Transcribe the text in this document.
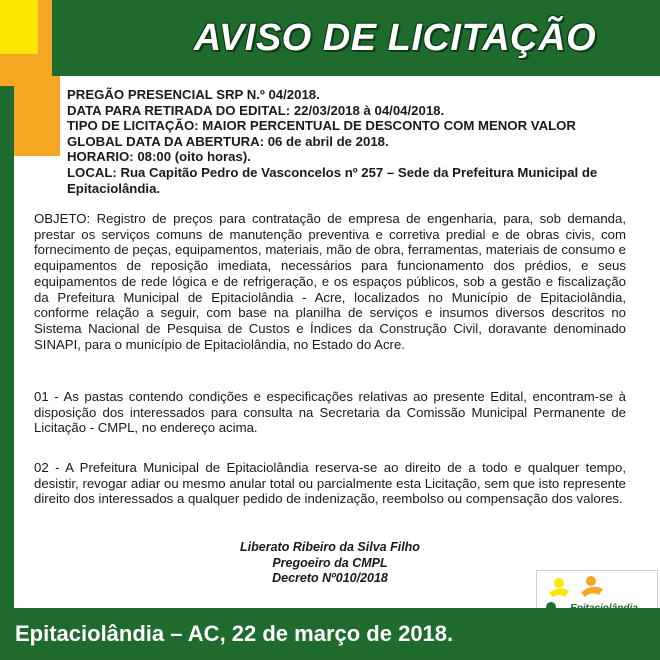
AVISO DE LICITAÇÃO
PREGÃO PRESENCIAL SRP N.º 04/2018.
DATA PARA RETIRADA DO EDITAL: 22/03/2018 à 04/04/2018.
TIPO DE LICITAÇÃO: MAIOR PERCENTUAL DE DESCONTO COM MENOR VALOR
GLOBAL DATA DA ABERTURA: 06 de abril de 2018.
HORARIO: 08:00 (oito horas).
LOCAL: Rua Capitão Pedro de Vasconcelos nº 257 – Sede da Prefeitura Municipal de Epitaciolândia.
OBJETO: Registro de preços para contratação de empresa de engenharia, para, sob demanda, prestar os serviços comuns de manutenção preventiva e corretiva predial e de obras civis, com fornecimento de peças, equipamentos, materiais, mão de obra, ferramentas, materiais de consumo e equipamentos de reposição imediata, necessários para funcionamento dos prédios, e seus equipamentos de rede lógica e de refrigeração, e os espaços públicos, sob a gestão e fiscalização da Prefeitura Municipal de Epitaciolândia - Acre, localizados no Município de Epitaciolândia, conforme relação a seguir, com base na planilha de serviços e insumos diversos descritos no Sistema Nacional de Pesquisa de Custos e Índices da Construção Civil, doravante denominado SINAPI, para o município de Epitaciolândia, no Estado do Acre.
01 - As pastas contendo condições e especificações relativas ao presente Edital, encontram-se à disposição dos interessados para consulta na Secretaria da Comissão Municipal Permanente de Licitação - CMPL, no endereço acima.
02 - A Prefeitura Municipal de Epitaciolândia reserva-se ao direito de a todo e qualquer tempo, desistir, revogar adiar ou mesmo anular total ou parcialmente esta Licitação, sem que isto represente direito dos interessados a qualquer pedido de indenização, reembolso ou compensação dos valores.
Liberato Ribeiro da Silva Filho
Pregoeiro da CMPL
Decreto Nº010/2018
Epitaciolândia – AC, 22 de março de 2018.
